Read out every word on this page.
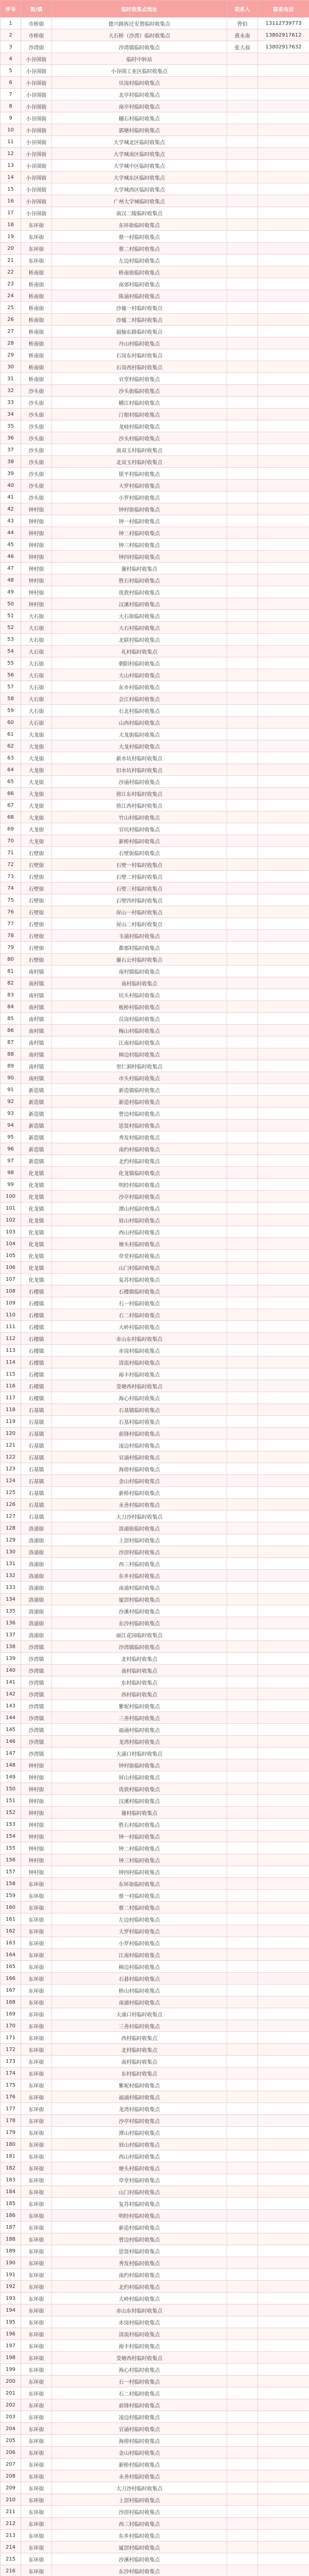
序号	街/镇	临时收集点地址	联系人	联系电话
1	市桥街	德兴路拆迁安置临时收集点	曾伯	13112739773
2	市桥街	大石桥（沙湾）临时收集点	黄永南	13802917612
3	沙湾街	沙湾镇临时收集点	张大叔	13802917632
4	小谷围街	临时中转站		
5	小谷围街	小谷围工业区临时收集点		
6	小谷围街	贝岗村临时收集点		
7	小谷围街	北亭村临时收集点		
8	小谷围街	南亭村临时收集点		
9	小谷围街	穗石村临时收集点		
10	小谷围街	郭塘村临时收集点		
11	小谷围街	大学城北区临时收集点		
12	小谷围街	大学城南区临时收集点		
13	小谷围街	大学城中区临时收集点		
14	小谷围街	大学城东区临时收集点		
15	小谷围街	大学城西区临时收集点		
16	小谷围街	广州大学城临时收集点		
17	小谷围街	南汉二陵临时收集点		
18	东环街	东环街临时收集点		
19	东环街	蔡一村临时收集点		
20	东环街	蔡二村临时收集点		
21	东环街	左边村临时收集点		
22	桥南街	桥南街临时收集点		
23	桥南街	南郊村临时收集点		
24	桥南街	陈涌村临时收集点		
25	桥南街	沙墟一村临时收集点		
26	桥南街	沙墟二村临时收集点		
27	桥南街	福愉东路临时收集点		
28	桥南街	丹山村临时收集点		
29	桥南街	石岗东村临时收集点		
30	桥南街	石岗西村临时收集点		
31	桥南街	官堂村临时收集点		
32	沙头街	沙头街临时收集点		
33	沙头街	横江村临时收集点		
34	沙头街	汀根村临时收集点		
35	沙头街	龙岐村临时收集点		
36	沙头街	沙头村临时收集点		
37	沙头街	南双玉村临时收集点		
38	沙头街	北双玉村临时收集点		
39	沙头街	银平村临时收集点		
40	沙头街	大罗村临时收集点		
41	沙头街	小罗村临时收集点		
42	钟村街	钟村街临时收集点		
43	钟村街	钟一村临时收集点		
44	钟村街	钟二村临时收集点		
45	钟村街	钟三村临时收集点		
46	钟村街	钟四村临时收集点		
47	钟村街	谢村临时收集点		
48	钟村街	胜石村临时收集点		
49	钟村街	诜敦村临时收集点		
50	钟村街	汉溪村临时收集点		
51	大石街	大石街临时收集点		
52	大石街	大石村临时收集点		
53	大石街	北联村临时收集点		
54	大石街	礼村临时收集点		
55	大石街	朝阳村临时收集点		
56	大石街	大山村临时收集点		
57	大石街	东乡村临时收集点		
58	大石街	会江村临时收集点		
59	大石街	石北村临时收集点		
60	大石街	山西村临时收集点		
61	大龙街	大龙街临时收集点		
62	大龙街	大龙村临时收集点		
63	大龙街	新水坑村临时收集点		
64	大龙街	旧水坑村临时收集点		
65	大龙街	沙涌村临时收集点		
66	大龙街	傍江东村临时收集点		
67	大龙街	傍江西村临时收集点		
68	大龙街	竹山村临时收集点		
69	大龙街	官坑村临时收集点		
70	大龙街	新桥村临时收集点		
71	石壁街	石壁街临时收集点		
72	石壁街	石壁一村临时收集点		
73	石壁街	石壁二村临时收集点		
74	石壁街	石壁三村临时收集点		
75	石壁街	石壁四村临时收集点		
76	石壁街	屏山一村临时收集点		
77	石壁街	屏山二村临时收集点		
78	石壁街	韦涌村临时收集点		
79	石壁街	都那村临时收集点		
80	石壁街	谢石公村临时收集点		
81	南村镇	南村镇临时收集点		
82	南村镇	南村临时收集点		
83	南村镇	坑头村临时收集点		
84	南村镇	板桥村临时收集点		
85	南村镇	员岗村临时收集点		
86	南村镇	梅山村临时收集点		
87	南村镇	江南村临时收集点		
88	南村镇	樟边村临时收集点		
89	南村镇	里仁洞村临时收集点		
90	南村镇	市头村临时收集点		
91	新造镇	新造镇临时收集点		
92	新造镇	新造村临时收集点		
93	新造镇	曾边村临时收集点		
94	新造镇	思贤村临时收集点		
95	新造镇	秀发村临时收集点		
96	新造镇	南约村临时收集点		
97	新造镇	北约村临时收集点		
98	化龙镇	化龙镇临时收集点		
99	化龙镇	明经村临时收集点		
100	化龙镇	沙亭村临时收集点		
101	化龙镇	潭山村临时收集点		
102	化龙镇	眉山村临时收集点		
103	化龙镇	西山村临时收集点		
104	化龙镇	塘头村临时收集点		
105	化龙镇	草堂村临时收集点		
106	化龙镇	山门村临时收集点		
107	化龙镇	复苏村临时收集点		
108	石楼镇	石楼镇临时收集点		
109	石楼镇	石一村临时收集点		
110	石楼镇	石二村临时收集点		
111	石楼镇	大岭村临时收集点		
112	石楼镇	赤山东村临时收集点		
113	石楼镇	赤岗村临时收集点		
114	石楼镇	清流村临时收集点		
115	石楼镇	裕丰村临时收集点		
116	石楼镇	茭塘西村临时收集点		
117	石楼镇	海心村临时收集点		
118	石基镇	石基镇临时收集点		
119	石基镇	石基村临时收集点		
120	石基镇	前锋村临时收集点		
121	石基镇	凌边村临时收集点		
122	石基镇	官涌村临时收集点		
123	石基镇	海傍村临时收集点		
124	石基镇	金山村临时收集点		
125	石基镇	新桥村临时收集点		
126	石基镇	永善村临时收集点		
127	石基镇	大刀沙村临时收集点		
128	洛浦街	洛浦街临时收集点		
129	洛浦街	上滘村临时收集点		
130	洛浦街	沙滘村临时收集点		
131	洛浦街	西三村临时收集点		
132	洛浦街	东乡村临时收集点		
133	洛浦街	南浦村临时收集点		
134	洛浦街	厦滘村临时收集点		
135	洛浦街	沙溪村临时收集点		
136	洛浦街	东沙村临时收集点		
137	洛浦街	丽江花园临时收集点		
138	沙湾镇	沙湾镇临时收集点		
139	沙湾镇	北村临时收集点		
140	沙湾镇	南村临时收集点		
141	沙湾镇	东村临时收集点		
142	沙湾镇	西村临时收集点		
143	沙湾镇	紫坭村临时收集点		
144	沙湾镇	三善村临时收集点		
145	沙湾镇	福涌村临时收集点		
146	沙湾镇	龙湾村临时收集点		
147	沙湾镇	大涌口村临时收集点		
148	钟村街	钟村街临时收集点		
149	钟村街	屏山村临时收集点		
150	钟村街	诜敦村临时收集点		
151	钟村街	汉溪村临时收集点		
152	钟村街	谢村临时收集点		
153	钟村街	胜石村临时收集点		
154	钟村街	钟一村临时收集点		
155	钟村街	钟二村临时收集点		
156	钟村街	钟三村临时收集点		
157	钟村街	钟四村临时收集点		
158	东环街	东环街临时收集点		
159	东环街	蔡一村临时收集点		
160	东环街	蔡二村临时收集点		
161	东环街	左边村临时收集点		
162	东环街	大罗村临时收集点		
163	东环街	小罗村临时收集点		
164	东环街	江南村临时收集点		
165	东环街	樟边村临时收集点		
166	东环街	石碁村临时收集点		
167	东环街	桥山村临时收集点		
168	东环街	南浦村临时收集点		
169	东环街	大涌口村临时收集点		
170	东环街	三善村临时收集点		
171	东环街	西村临时收集点		
172	东环街	北村临时收集点		
173	东环街	南村临时收集点		
174	东环街	东村临时收集点		
175	东环街	紫坭村临时收集点		
176	东环街	福涌村临时收集点		
177	东环街	龙湾村临时收集点		
178	东环街	沙亭村临时收集点		
179	东环街	潭山村临时收集点		
180	东环街	眉山村临时收集点		
181	东环街	西山村临时收集点		
182	东环街	塘头村临时收集点		
183	东环街	草堂村临时收集点		
184	东环街	山门村临时收集点		
185	东环街	复苏村临时收集点		
186	东环街	明经村临时收集点		
187	东环街	新造村临时收集点		
188	东环街	曾边村临时收集点		
189	东环街	思贤村临时收集点		
190	东环街	秀发村临时收集点		
191	东环街	南约村临时收集点		
192	东环街	北约村临时收集点		
193	东环街	大岭村临时收集点		
194	东环街	赤山东村临时收集点		
195	东环街	赤岗村临时收集点		
196	东环街	清流村临时收集点		
197	东环街	裕丰村临时收集点		
198	东环街	茭塘西村临时收集点		
199	东环街	海心村临时收集点		
200	东环街	石一村临时收集点		
201	东环街	石二村临时收集点		
202	东环街	前锋村临时收集点		
203	东环街	凌边村临时收集点		
204	东环街	官涌村临时收集点		
205	东环街	海傍村临时收集点		
206	东环街	金山村临时收集点		
207	东环街	新桥村临时收集点		
208	东环街	永善村临时收集点		
209	东环街	大刀沙村临时收集点		
210	东环街	上滘村临时收集点		
211	东环街	沙滘村临时收集点		
212	东环街	西三村临时收集点		
213	东环街	东乡村临时收集点		
214	东环街	厦滘村临时收集点		
215	东环街	沙溪村临时收集点		
216	东环街	东沙村临时收集点		
